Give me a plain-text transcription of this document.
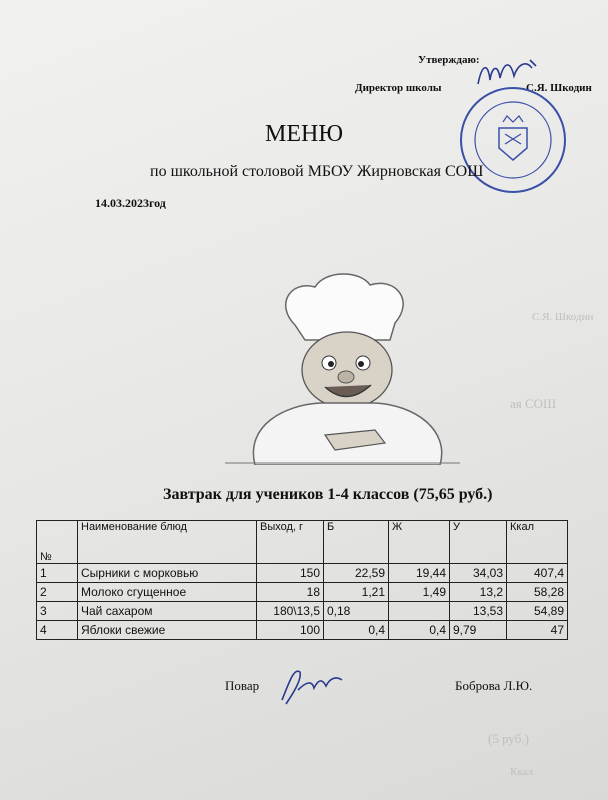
Утверждаю:
Директор школы	С.Я. Шкодин
МЕНЮ
по школьной столовой МБОУ Жирновская СОШ
14.03.2023год
Завтрак для учеников 1-4 классов (75,65 руб.)
№	Наименование блюд	Выход, г	Б	Ж	У	Ккал
1	Сырники с морковью	150	22,59	19,44	34,03	407,4
2	Молоко сгущенное	18	1,21	1,49	13,2	58,28
3	Чай сахаром	180\13,5	0,18		13,53	54,89
4	Яблоки свежие	100	0,4	0,4	9,79	47
Повар	Боброва Л.Ю.
С.Я. Шкодин
ая СОШ
(5 руб.)
Ккал
